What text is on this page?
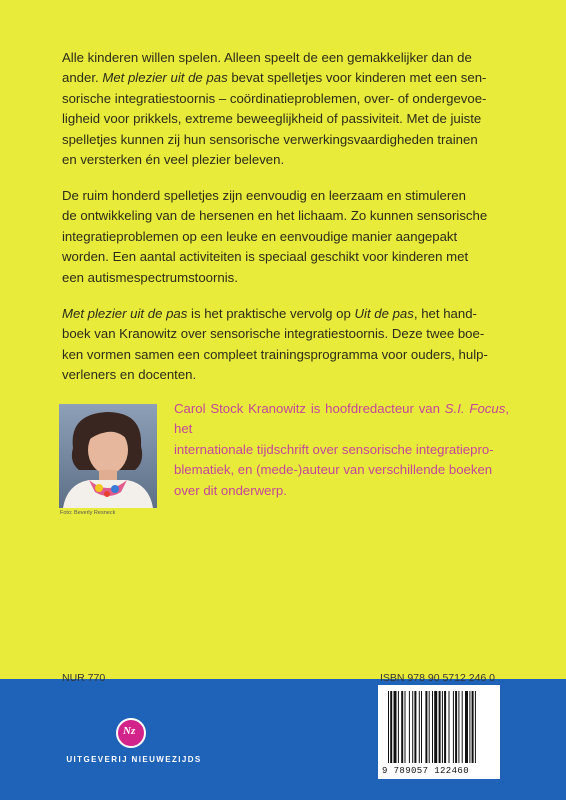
Alle kinderen willen spelen. Alleen speelt de een gemakkelijker dan de
ander. Met plezier uit de pas bevat spelletjes voor kinderen met een sen-
sorische integratiestoornis – coördinatieproblemen, over- of ondergevoe-
ligheid voor prikkels, extreme beweeglijkheid of passiviteit. Met de juiste
spelletjes kunnen zij hun sensorische verwerkingsvaardigheden trainen
en versterken én veel plezier beleven.

De ruim honderd spelletjes zijn eenvoudig en leerzaam en stimuleren
de ontwikkeling van de hersenen en het lichaam. Zo kunnen sensorische
integratieproblemen op een leuke en eenvoudige manier aangepakt
worden. Een aantal activiteiten is speciaal geschikt voor kinderen met
een autismespectrumstoornis.

Met plezier uit de pas is het praktische vervolg op Uit de pas, het hand-
boek van Kranowitz over sensorische integratiestoornis. Deze twee boe-
ken vormen samen een compleet trainingsprogramma voor ouders, hulp-
verleners en docenten.

Foto: Beverly Resneck

Carol Stock Kranowitz is hoofdredacteur van S.I. Focus, het
internationale tijdschrift over sensorische integratiepro-
blematiek, en (mede-)auteur van verschillende boeken
over dit onderwerp.

NUR 770	ISBN 978 90 5712 246 0
9 789057 122460
Nz
UITGEVERIJ NIEUWEZIJDS
